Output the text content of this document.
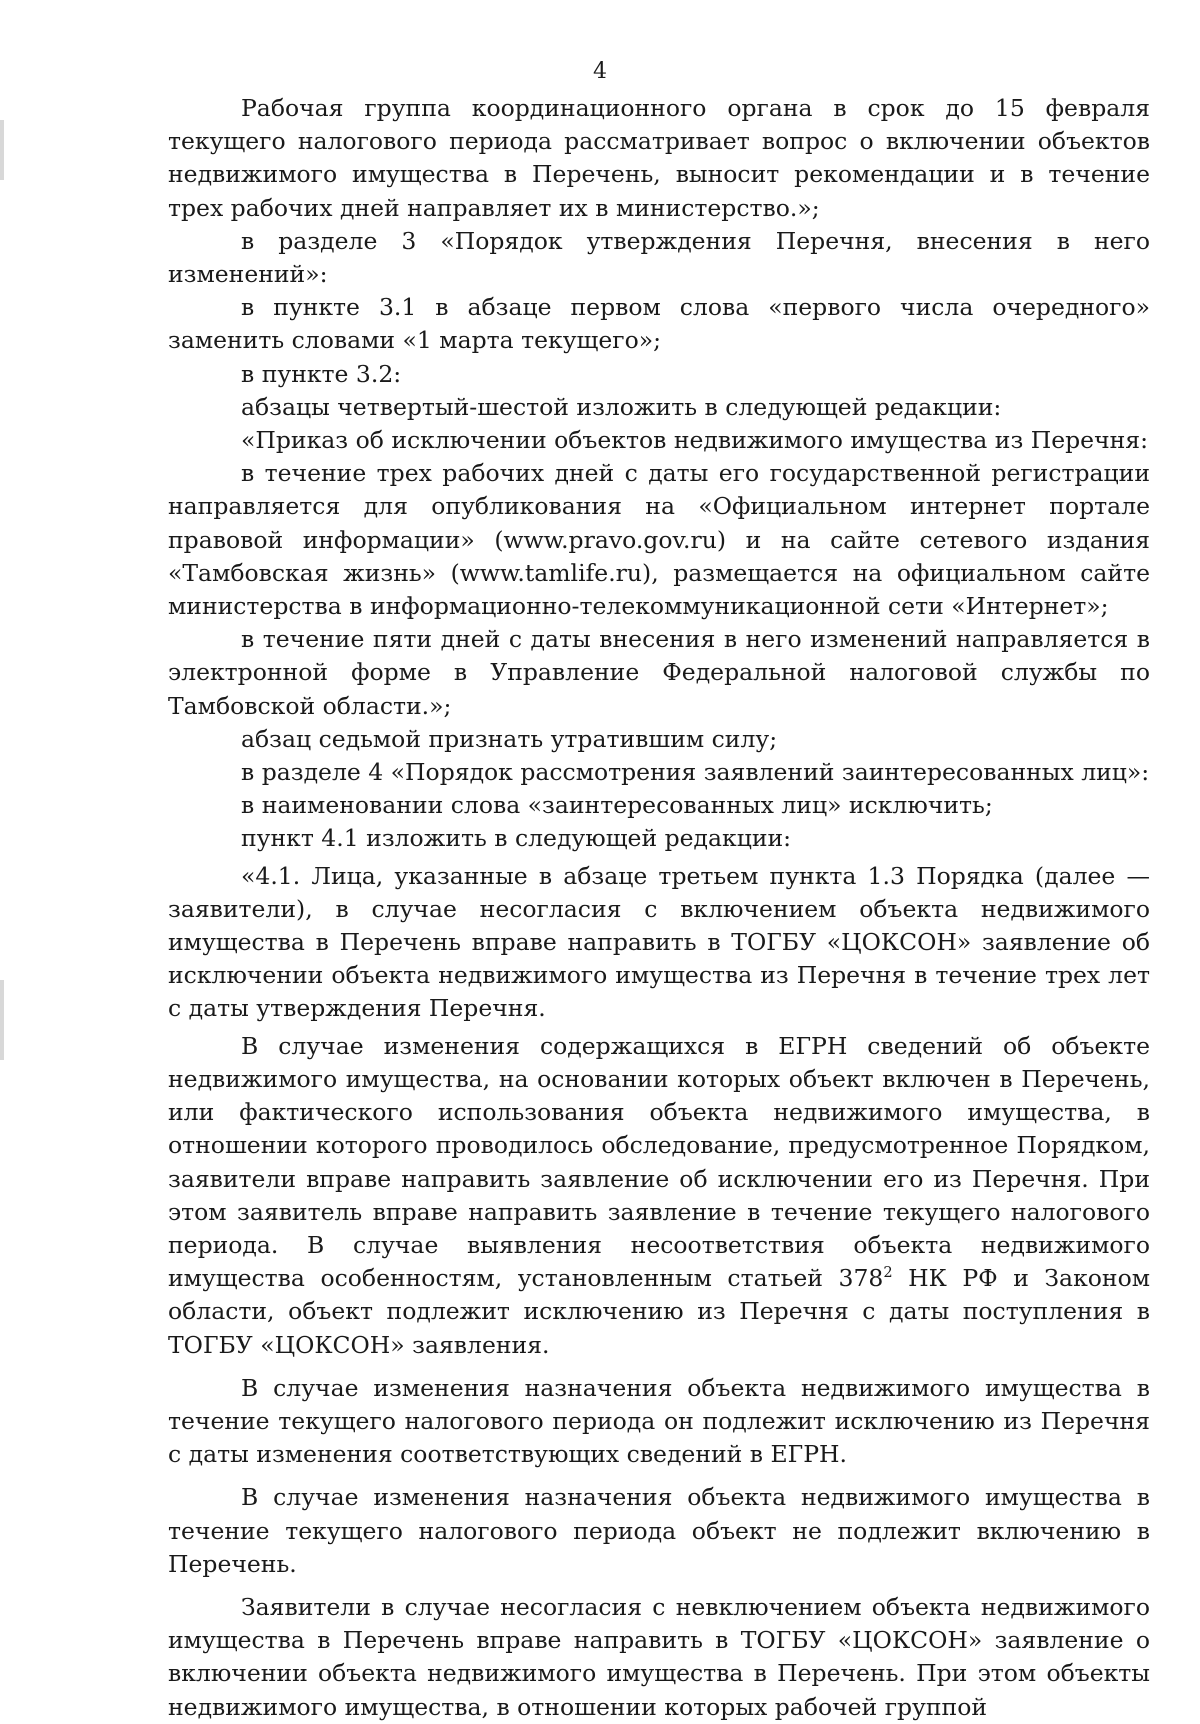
4

Рабочая группа координационного органа в срок до 15 февраля текущего налогового периода рассматривает вопрос о включении объектов недвижимого имущества в Перечень, выносит рекомендации и в течение трех рабочих дней направляет их в министерство.»;

в разделе 3 «Порядок утверждения Перечня, внесения в него изменений»:

в пункте 3.1 в абзаце первом слова «первого числа очередного» заменить словами «1 марта текущего»;

в пункте 3.2:

абзацы четвертый-шестой изложить в следующей редакции:

«Приказ об исключении объектов недвижимого имущества из Перечня:

в течение трех рабочих дней с даты его государственной регистрации направляется для опубликования на «Официальном интернет портале правовой информации» (www.pravo.gov.ru) и на сайте сетевого издания «Тамбовская жизнь» (www.tamlife.ru), размещается на официальном сайте министерства в информационно-телекоммуникационной сети «Интернет»;

в течение пяти дней с даты внесения в него изменений направляется в электронной форме в Управление Федеральной налоговой службы по Тамбовской области.»;

абзац седьмой признать утратившим силу;

в разделе 4 «Порядок рассмотрения заявлений заинтересованных лиц»:

в наименовании слова «заинтересованных лиц» исключить;

пункт 4.1 изложить в следующей редакции:

«4.1. Лица, указанные в абзаце третьем пункта 1.3 Порядка (далее — заявители), в случае несогласия с включением объекта недвижимого имущества в Перечень вправе направить в ТОГБУ «ЦОКСОН» заявление об исключении объекта недвижимого имущества из Перечня в течение трех лет с даты утверждения Перечня.

В случае изменения содержащихся в ЕГРН сведений об объекте недвижимого имущества, на основании которых объект включен в Перечень, или фактического использования объекта недвижимого имущества, в отношении которого проводилось обследование, предусмотренное Порядком, заявители вправе направить заявление об исключении его из Перечня. При этом заявитель вправе направить заявление в течение текущего налогового периода. В случае выявления несоответствия объекта недвижимого имущества особенностям, установленным статьей $378^2$ НК РФ и Законом области, объект подлежит исключению из Перечня с даты поступления в ТОГБУ «ЦОКСОН» заявления.

В случае изменения назначения объекта недвижимого имущества в течение текущего налогового периода он подлежит исключению из Перечня с даты изменения соответствующих сведений в ЕГРН.

В случае изменения назначения объекта недвижимого имущества в течение текущего налогового периода объект не подлежит включению в Перечень.

Заявители в случае несогласия с невключением объекта недвижимого имущества в Перечень вправе направить в ТОГБУ «ЦОКСОН» заявление о включении объекта недвижимого имущества в Перечень. При этом объекты недвижимого имущества, в отношении которых рабочей группой
